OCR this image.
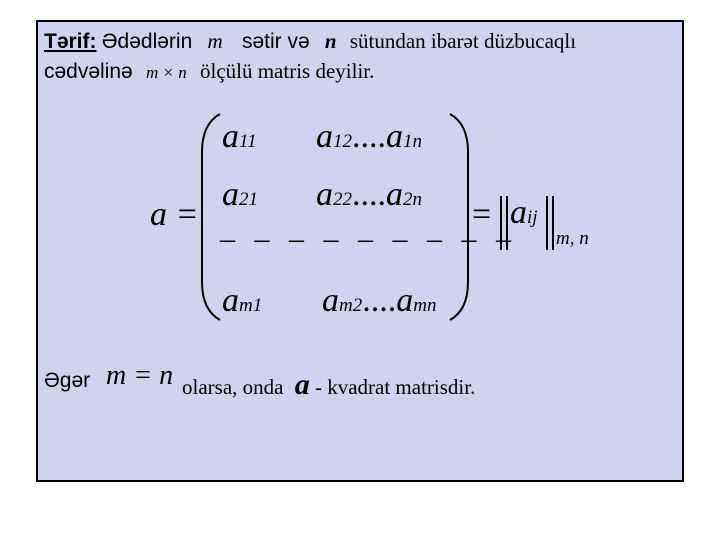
Tərif: Ədədlərin m sətir və n sütundan ibarət düzbucaqlı
cədvəlinə m × n ölçülü matris deyilir.
a =
a11 a12....a1n
a21 a22....a2n
– – – – – – – – –
am1 am2....amn
= aij
m, n
Əgər m = n olarsa, onda a - kvadrat matrisdir.
